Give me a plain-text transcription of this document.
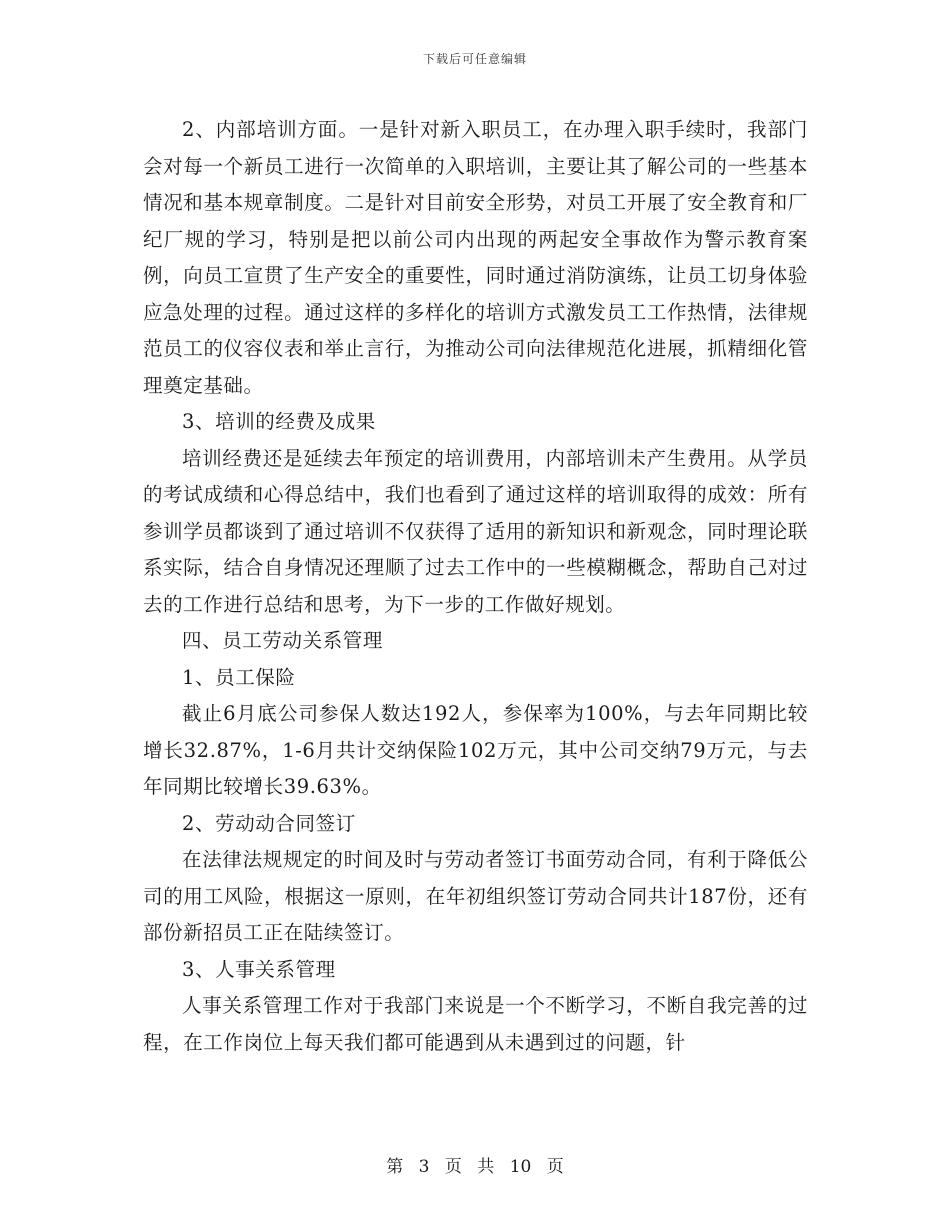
下载后可任意编辑

2、内部培训方面。一是针对新入职员工，在办理入职手续时，我部门会对每一个新员工进行一次简单的入职培训，主要让其了解公司的一些基本情况和基本规章制度。二是针对目前安全形势，对员工开展了安全教育和厂纪厂规的学习，特别是把以前公司内出现的两起安全事故作为警示教育案例，向员工宣贯了生产安全的重要性，同时通过消防演练，让员工切身体验应急处理的过程。通过这样的多样化的培训方式激发员工工作热情，法律规范员工的仪容仪表和举止言行，为推动公司向法律规范化进展，抓精细化管理奠定基础。

3、培训的经费及成果

培训经费还是延续去年预定的培训费用，内部培训未产生费用。从学员的考试成绩和心得总结中，我们也看到了通过这样的培训取得的成效：所有参训学员都谈到了通过培训不仅获得了适用的新知识和新观念，同时理论联系实际，结合自身情况还理顺了过去工作中的一些模糊概念，帮助自己对过去的工作进行总结和思考，为下一步的工作做好规划。

四、员工劳动关系管理

1、员工保险

截止6月底公司参保人数达192人，参保率为100%，与去年同期比较增长32.87%，1-6月共计交纳保险102万元，其中公司交纳79万元，与去年同期比较增长39.63%。

2、劳动动合同签订

在法律法规规定的时间及时与劳动者签订书面劳动合同，有利于降低公司的用工风险，根据这一原则，在年初组织签订劳动合同共计187份，还有部份新招员工正在陆续签订。

3、人事关系管理

人事关系管理工作对于我部门来说是一个不断学习，不断自我完善的过程，在工作岗位上每天我们都可能遇到从未遇到过的问题，针

第 3 页 共 10 页
